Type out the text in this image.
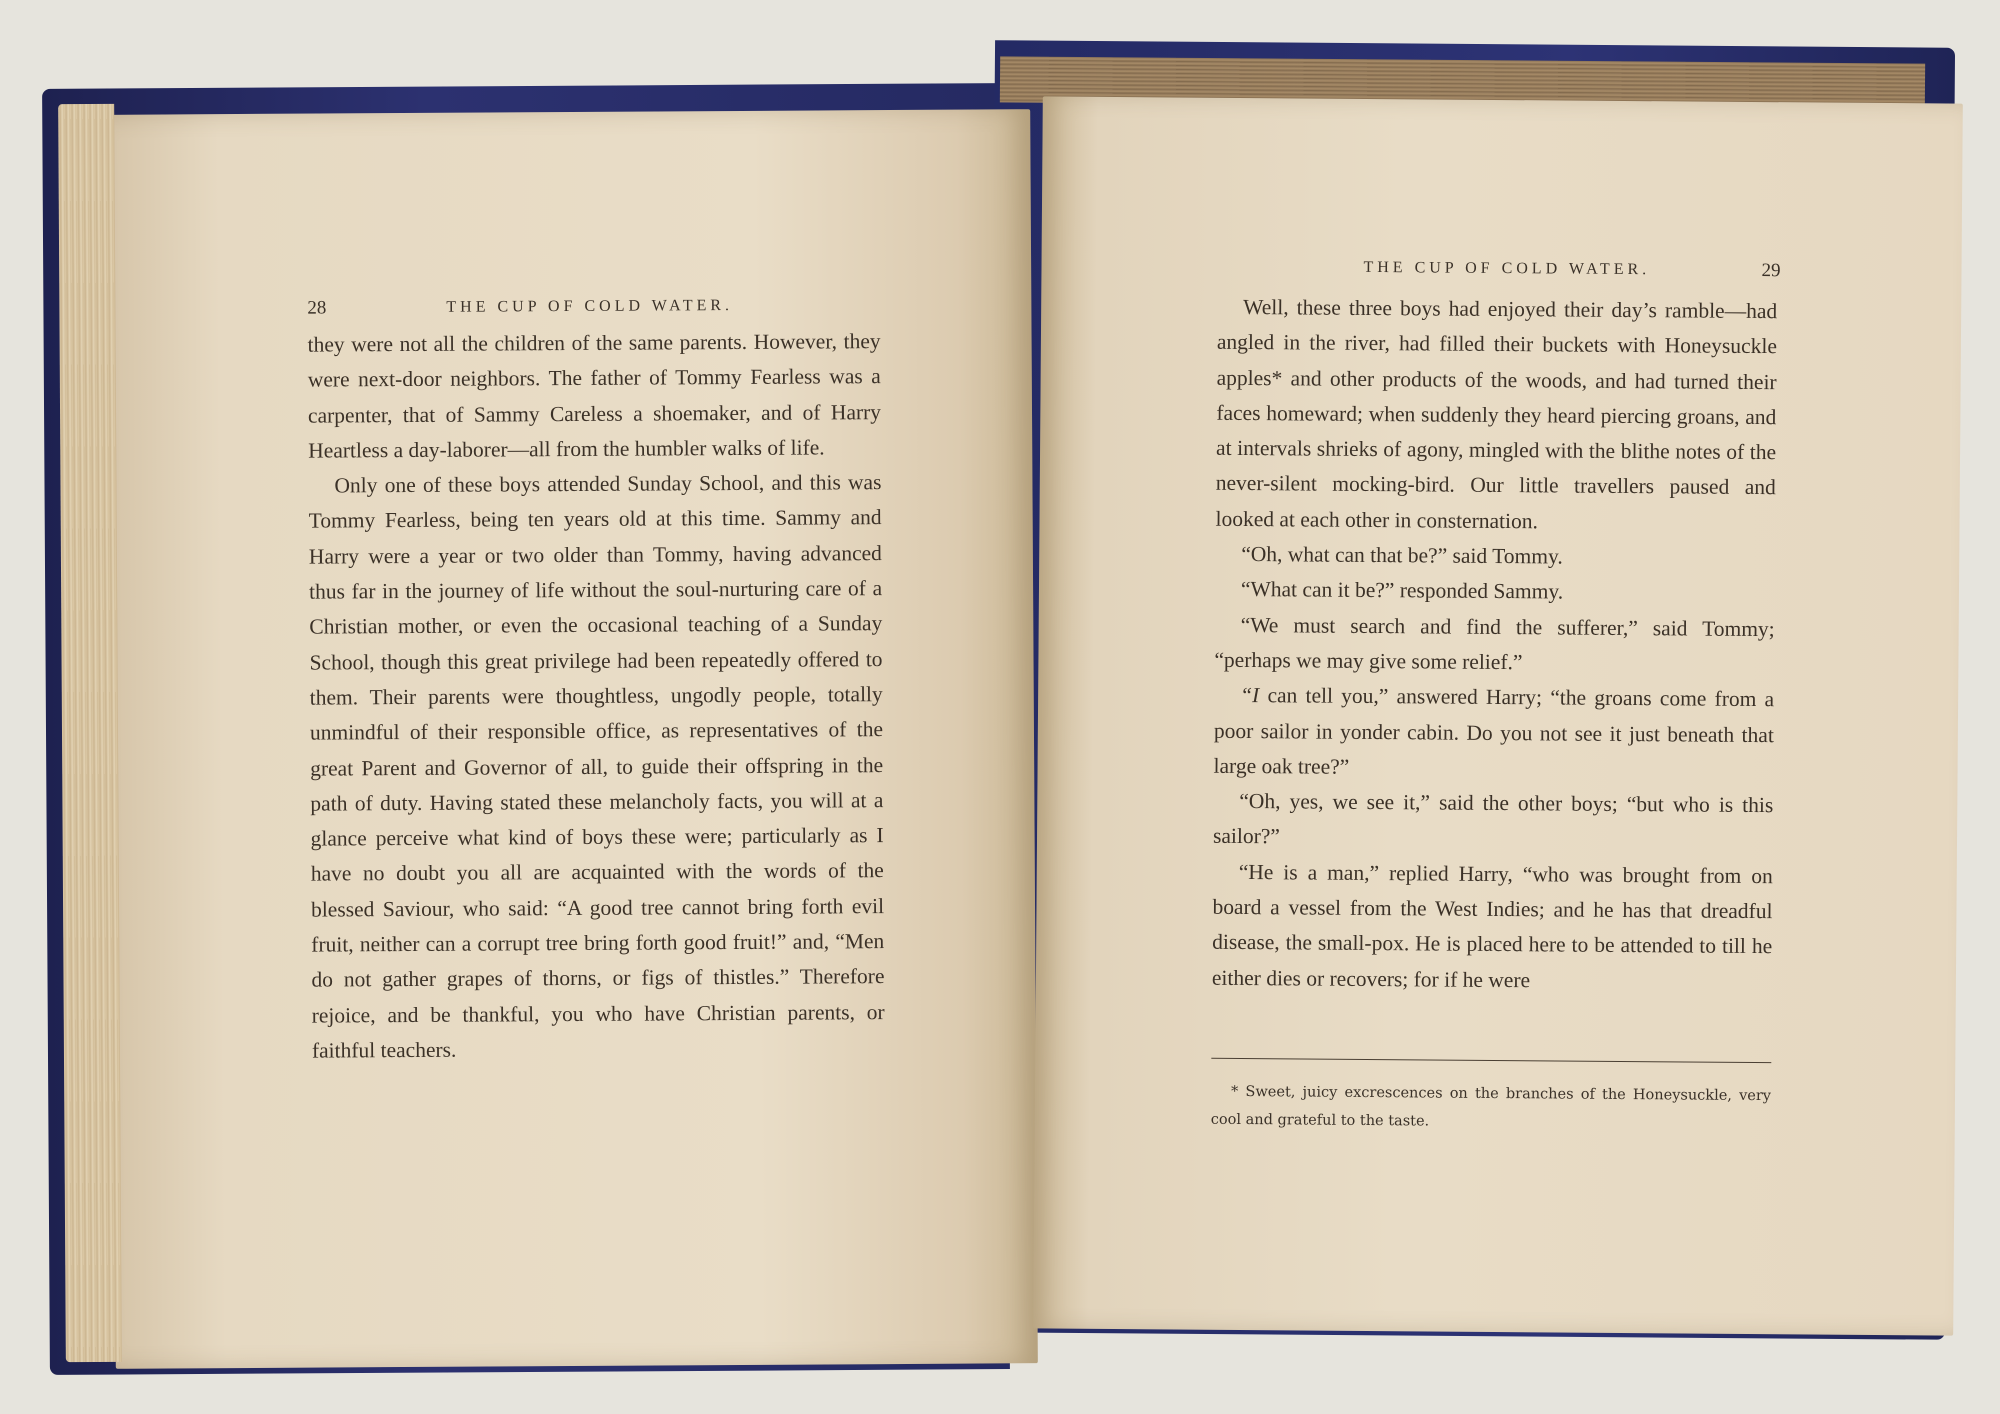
28	THE CUP OF COLD WATER.

they were not all the children of the same parents. However, they were next-door neighbors. The father of Tommy Fearless was a carpenter, that of Sammy Careless a shoemaker, and of Harry Heartless a day-laborer—all from the humbler walks of life.

Only one of these boys attended Sunday School, and this was Tommy Fearless, being ten years old at this time. Sammy and Harry were a year or two older than Tommy, having advanced thus far in the journey of life without the soul-nurturing care of a Christian mother, or even the occasional teaching of a Sunday School, though this great privilege had been repeatedly offered to them. Their parents were thoughtless, ungodly people, totally unmindful of their responsible office, as representatives of the great Parent and Governor of all, to guide their offspring in the path of duty. Having stated these melancholy facts, you will at a glance perceive what kind of boys these were; particularly as I have no doubt you all are acquainted with the words of the blessed Saviour, who said: “A good tree cannot bring forth evil fruit, neither can a corrupt tree bring forth good fruit!” and, “Men do not gather grapes of thorns, or figs of thistles.” Therefore rejoice, and be thankful, you who have Christian parents, or faithful teachers.

THE CUP OF COLD WATER.	29

Well, these three boys had enjoyed their day’s ramble—had angled in the river, had filled their buckets with Honeysuckle apples* and other products of the woods, and had turned their faces homeward; when suddenly they heard piercing groans, and at intervals shrieks of agony, mingled with the blithe notes of the never-silent mocking-bird. Our little travellers paused and looked at each other in consternation.

“Oh, what can that be?” said Tommy.

“What can it be?” responded Sammy.

“We must search and find the sufferer,” said Tommy; “perhaps we may give some relief.”

“I can tell you,” answered Harry; “the groans come from a poor sailor in yonder cabin. Do you not see it just beneath that large oak tree?”

“Oh, yes, we see it,” said the other boys; “but who is this sailor?”

“He is a man,” replied Harry, “who was brought from on board a vessel from the West Indies; and he has that dreadful disease, the small-pox. He is placed here to be attended to till he either dies or recovers; for if he were

* Sweet, juicy excrescences on the branches of the Honeysuckle, very cool and grateful to the taste.
